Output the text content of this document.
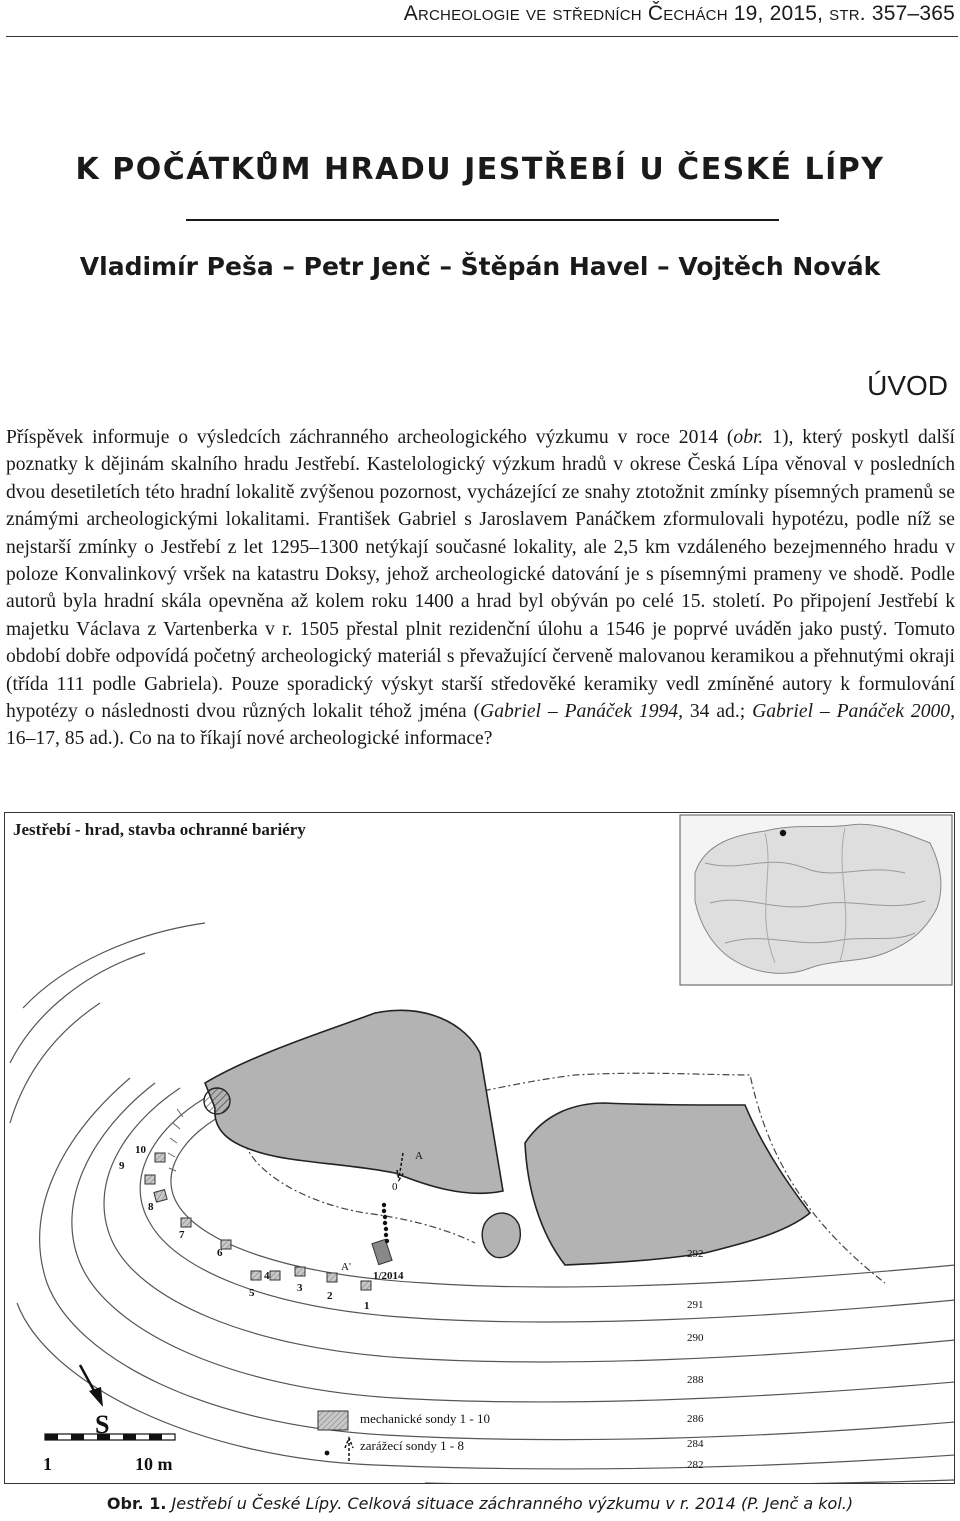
Archeologie ve středních Čechách 19, 2015, str. 357–365
K POČÁTKŮM HRADU JESTŘEBÍ U ČESKÉ LÍPY
Vladimír Peša – Petr Jenč – Štěpán Havel – Vojtěch Novák
ÚVOD
Příspěvek informuje o výsledcích záchranného archeologického výzkumu v roce 2014 (obr. 1), který poskytl další poznatky k dějinám skalního hradu Jestřebí. Kastelologický výzkum hradů v okrese Česká Lípa věnoval v posledních dvou desetiletích této hradní lokalitě zvýšenou pozornost, vycházející ze snahy ztotožnit zmínky písemných pramenů se známými archeologickými lokalitami. František Gabriel s Jaroslavem Panáčkem zformulovali hypotézu, podle níž se nejstarší zmínky o Jestřebí z let 1295–1300 netýkají současné lokality, ale 2,5 km vzdáleného bezejmenného hradu v poloze Konvalinkový vršek na katastru Doksy, jehož archeologické datování je s písemnými prameny ve shodě. Podle autorů byla hradní skála opevněna až kolem roku 1400 a hrad byl obýván po celé 15. století. Po připojení Jestřebí k majetku Václava z Vartenberka v r. 1505 přestal plnit rezidenční úlohu a 1546 je poprvé uváděn jako pustý. Tomuto období dobře odpovídá početný archeologický materiál s převažující červeně malovanou keramikou a přehnutými okraji (třída 111 podle Gabriela). Pouze sporadický výskyt starší středověké keramiky vedl zmíněné autory k formulování hypotézy o následnosti dvou různých lokalit téhož jména (Gabriel – Panáček 1994, 34 ad.; Gabriel – Panáček 2000, 16–17, 85 ad.). Co na to říkají nové archeologické informace?
10
9
8
7
6
4
5	3
2
1
1/2014
A
0
A'
292
291
290
288
286
284
282
mechanické sondy 1 - 10
zarážecí sondy 1 - 8
S
1	10 m
Jestřebí - hrad, stavba ochranné bariéry
Obr. 1. Jestřebí u České Lípy. Celková situace záchranného výzkumu v r. 2014 (P. Jenč a kol.)
